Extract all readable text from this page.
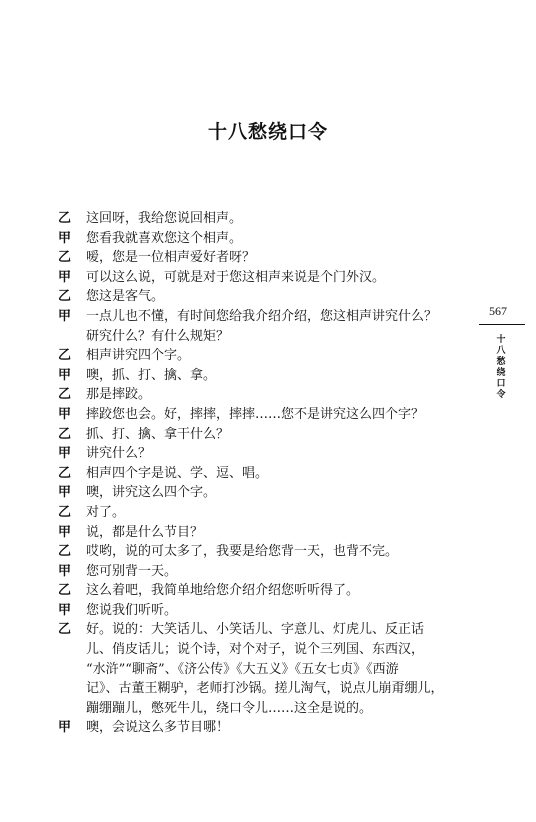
十八愁绕口令
乙	这回呀，我给您说回相声。
甲	您看我就喜欢您这个相声。
乙	嗳，您是一位相声爱好者呀？
甲	可以这么说，可就是对于您这相声来说是个门外汉。
乙	您这是客气。
甲	一点儿也不懂，有时间您给我介绍介绍，您这相声讲究什么？
研究什么？有什么规矩？
乙	相声讲究四个字。
甲	噢，抓、打、擒、拿。
乙	那是摔跤。
甲	摔跤您也会。好，摔摔，摔摔……您不是讲究这么四个字？
乙	抓、打、擒、拿干什么？
甲	讲究什么？
乙	相声四个字是说、学、逗、唱。
甲	噢，讲究这么四个字。
乙	对了。
甲	说，都是什么节目？
乙	哎哟，说的可太多了，我要是给您背一天，也背不完。
甲	您可别背一天。
乙	这么着吧，我简单地给您介绍介绍您听听得了。
甲	您说我们听听。
乙	好。说的：大笑话儿、小笑话儿、字意儿、灯虎儿、反正话
儿、俏皮话儿；说个诗，对个对子，说个三列国、东西汉，
“水浒”“聊斋”、《济公传》《大五义》《五女七贞》《西游
记》、古董王糊驴，老师打沙锅。搓儿淘气，说点儿崩甭绷儿，
蹦绷蹦儿，憋死牛儿，绕口令儿……这全是说的。
甲	噢，会说这么多节目哪！
567
十
八
愁
绕
口
令
